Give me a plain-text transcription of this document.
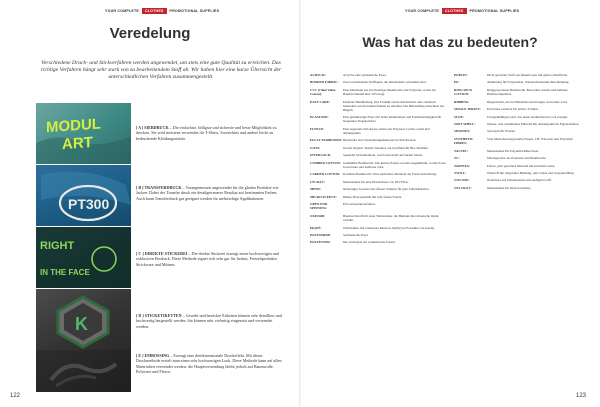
YOUR COMPLETE	CLOTHES	PROMOTIONAL SUPPLIES
Veredelung
Verschiedene Druck- und Stickverfahren werden angewendet, um stets eine gute Qualität zu erreichen. Das richtige Verfahren hängt sehr stark von zu bearbeitendem Stoff ab. Wir haben hier eine kurze Übersicht der unterschiedlichen Verfahren zusammengestellt.
MODUL
ART
[ A ] SIEBDRUCK – Die einfachste, billigste und sicherste und beste Möglichkeit zu drucken. Sie wird meistens verwendet für T-Shirts, Sweatshirts und andere leicht zu bedruckende Kleidungsstücke.
PT300
[ B ] TRANSFERDRUCK – Vorangemessen angewendet für die glatten Produkte wie Jacken. Dabei der Transfer druck ein detailgetreueres Resultat auf bestimmten Farben. Auch kann Transferdruck gut geeignet werden für mehrfarbige Applikationen.
RIGHT
IN THE FACE
[ C ] DIREKTE STICKEREI – Die direkte Stickerei erzeugt einen hochwertigen und exklusiven Eindruck. Diese Methode eignet sich sehr gut für Jacken, Freizeitprodukte, Strickware und Mützen.
K	[ D ] STICKETIKETTEN – Gewebt und bestickte Etiketten können sehr detailliert und hochwertig hergestellt werden. Sie können sehr vielseitig eingesetzt und verwendet werden.
[ E ] EMBOSSING – Erzeugt eine dreidimensionale Druckeffekt. Mit dieser Druckmethode erzielt man einen sehr hochwertigen Look. Diese Methode kann auf allen Materialien verwendet werden, die Hauptverwendung bleibt jedoch auf Baumwolle, Polyester und Fleece.
122
YOUR COMPLETE	CLOTHES	PROMOTIONAL SUPPLIES
Was hat das zu bedeuten?
ACRYLIC:	Acryl ist eine synthetische Faser.
BONDED FABRIC:	Zwei verschiedene Stofflagen, die miteinander verbunden sind.
CVC (Chief Value Cotton):
Eine Mischung aus hochwertiger Baumwolle und Polyester, wobei der Baumwollanteil über 50% liegt.
EASY CARE:	Einfache Handhabung. Das Produkt wurde mechanisch oder chemisch behandelt, um die Knitterfreiheit zu erhöhen. Die Behandlung erleichtert das Bügeln.
ELASTANE:	Eine gummiartige Faser mit hoher Dehnbarkeit und Formbeständigkeit für bequemen Tragekomfort.
FLEECE:	Eine angeraute Strickware, meist aus Polyester. Leicht, warm und atmungsaktiv.
FULLY FASHIONED: Beschreibt eine Verarbeitungsmethode bei Strickwaren.
GOTS:	Global Organic Textile Standard, ein Zertifikat für Bio-Textilien.
INTERLOCK:	Spezielle Strickmethode, weich und stabil auf beiden Seiten.
COMBED COTTON: Gekämmte Baumwolle. Die kurzen Fasern werden ausgekämmt, wodurch das Garn feiner und haltbarer wird.
CARDED COTTON: Kardierte Baumwolle. Eine einfachere Methode der Faservorbereitung.
LYCRA®:	Markenname für eine Elastanfaser von INVISTA.
MESH:	Netzartiges Gewebe mit offener Struktur für gute Luftzirkulation.
MICRO FLEECE:	Dünne Fleecequalität mit sehr feinen Fasern.
OPEN-END SPINNING:
Ein Garnspinnverfahren.
OXFORD:	Baumwollstoff mit einer Webstruktur, die Hemden ihre klassische Optik verleiht.
PIQUÉ:	Webstruktur mit erhabenen Mustern, häufig bei Poloshirts verwendet.
POLYAMIDE:	Synthetische Faser.
POLYESTER:	Die wichtigste Art synthetischer Fasern.
POPLIN:	Dicht gewebter Stoff aus feinem Garn mit glatter Oberfläche.
PU:	Abkürzung für Polyurethan. Wasserabweisende Beschichtung.
RING SPUN COTTON:
Ringgesponnene Baumwolle. Besonders weiche und haltbare Baumwollqualität.
RIBBING:	Rippenstrick, der bei Bündchen und Kragen verwendet wird.
SINGLE JERSEY:	Ein feines Gestrick für leichte T-Shirts.
SLUB:	Unregelmäßiges Garn, das einen strukturierten Look erzeugt.
SOFT SHELL:	Wasser- und winddichtes Material mit atmungsaktiven Eigenschaften.
SPANDEX:	Synonym für Elastan.
SYNTHETIC FIBRES:
Vom Menschen hergestellte Fasern, z.B. Polyester und Polyamid.
TACTEL:	Markenname für Polyamid-Mikrofaser.
TC:	Mischgewebe aus Polyester und Baumwolle.
TAFFETA:	Feines, glatt gewebtes Material mit leichtem Glanz.
TWILL:	Webstoff mit diagonaler Bindung, sehr robust und strapazierfähig.
VISCOSE:	Naturfaser auf Zellulosebasis mit seidigem Griff.
VELCRO®:	Markenname für Klettverschluss.
123
